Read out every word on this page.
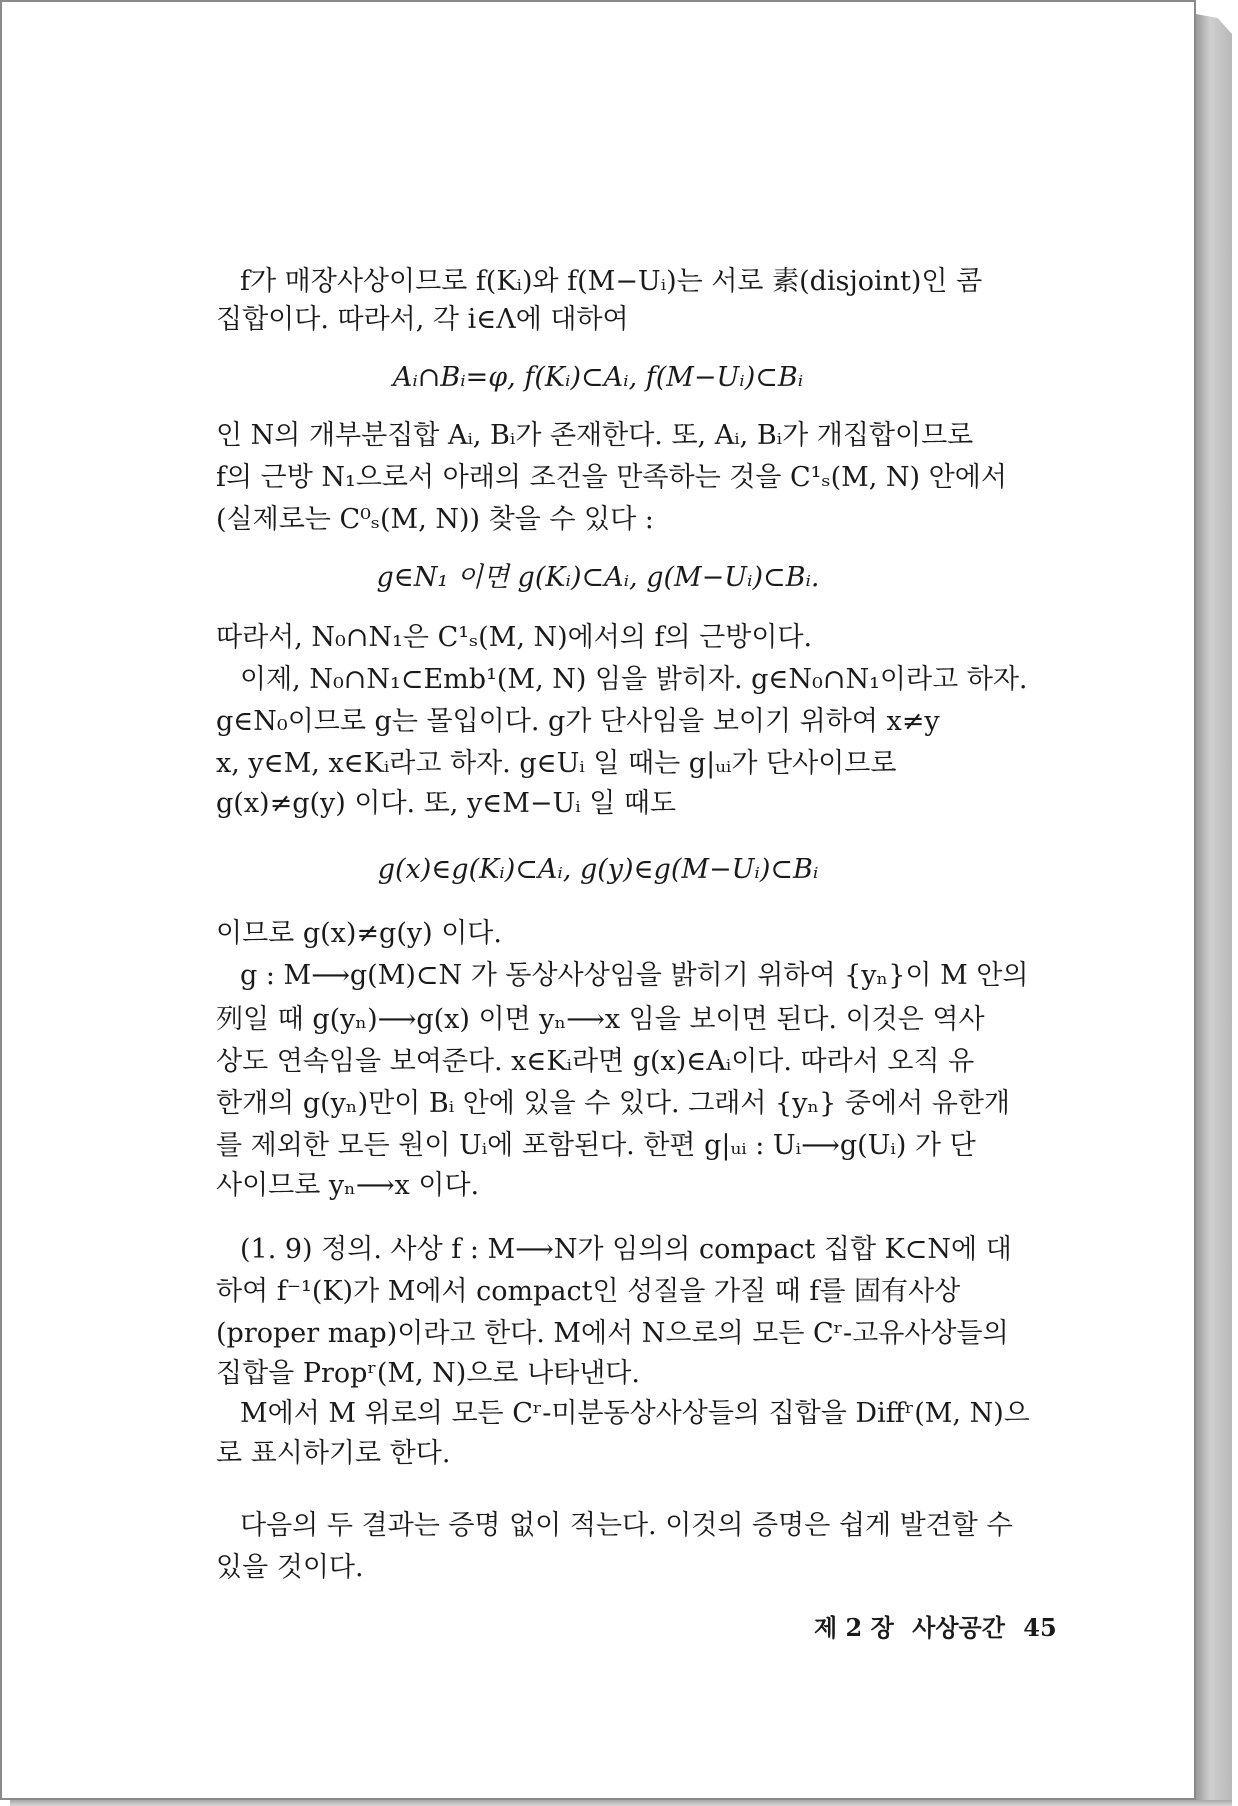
f가 매장사상이므로 f(Kᵢ)와 f(M−Uᵢ)는 서로 素(disjoint)인 콤
집합이다. 따라서, 각 i∈Λ에 대하여
Aᵢ∩Bᵢ=φ, f(Kᵢ)⊂Aᵢ, f(M−Uᵢ)⊂Bᵢ
인 N의 개부분집합 Aᵢ, Bᵢ가 존재한다. 또, Aᵢ, Bᵢ가 개집합이므로
f의 근방 N₁으로서 아래의 조건을 만족하는 것을 C¹ₛ(M, N) 안에서
(실제로는 C⁰ₛ(M, N)) 찾을 수 있다 :
g∈N₁ 이면 g(Kᵢ)⊂Aᵢ, g(M−Uᵢ)⊂Bᵢ.
따라서, N₀∩N₁은 C¹ₛ(M, N)에서의 f의 근방이다.
이제, N₀∩N₁⊂Emb¹(M, N) 임을 밝히자. g∈N₀∩N₁이라고 하자.
g∈N₀이므로 g는 몰입이다. g가 단사임을 보이기 위하여 x≠y
x, y∈M, x∈Kᵢ라고 하자. g∈Uᵢ 일 때는 g|ᵤᵢ가 단사이므로
g(x)≠g(y) 이다. 또, y∈M−Uᵢ 일 때도
g(x)∈g(Kᵢ)⊂Aᵢ, g(y)∈g(M−Uᵢ)⊂Bᵢ
이므로 g(x)≠g(y) 이다.
g : M⟶g(M)⊂N 가 동상사상임을 밝히기 위하여 {yₙ}이 M 안의
列일 때 g(yₙ)⟶g(x) 이면 yₙ⟶x 임을 보이면 된다. 이것은 역사
상도 연속임을 보여준다. x∈Kᵢ라면 g(x)∈Aᵢ이다. 따라서 오직 유
한개의 g(yₙ)만이 Bᵢ 안에 있을 수 있다. 그래서 {yₙ} 중에서 유한개
를 제외한 모든 원이 Uᵢ에 포함된다. 한편 g|ᵤᵢ : Uᵢ⟶g(Uᵢ) 가 단
사이므로 yₙ⟶x 이다.
(1. 9) 정의. 사상 f : M⟶N가 임의의 compact 집합 K⊂N에 대
하여 f⁻¹(K)가 M에서 compact인 성질을 가질 때 f를 固有사상
(proper map)이라고 한다. M에서 N으로의 모든 Cʳ-고유사상들의
집합을 Propʳ(M, N)으로 나타낸다.
M에서 M 위로의 모든 Cʳ-미분동상사상들의 집합을 Diffʳ(M, N)으
로 표시하기로 한다.
다음의 두 결과는 증명 없이 적는다. 이것의 증명은 쉽게 발견할 수
있을 것이다.
제 2 장 사상공간 45
